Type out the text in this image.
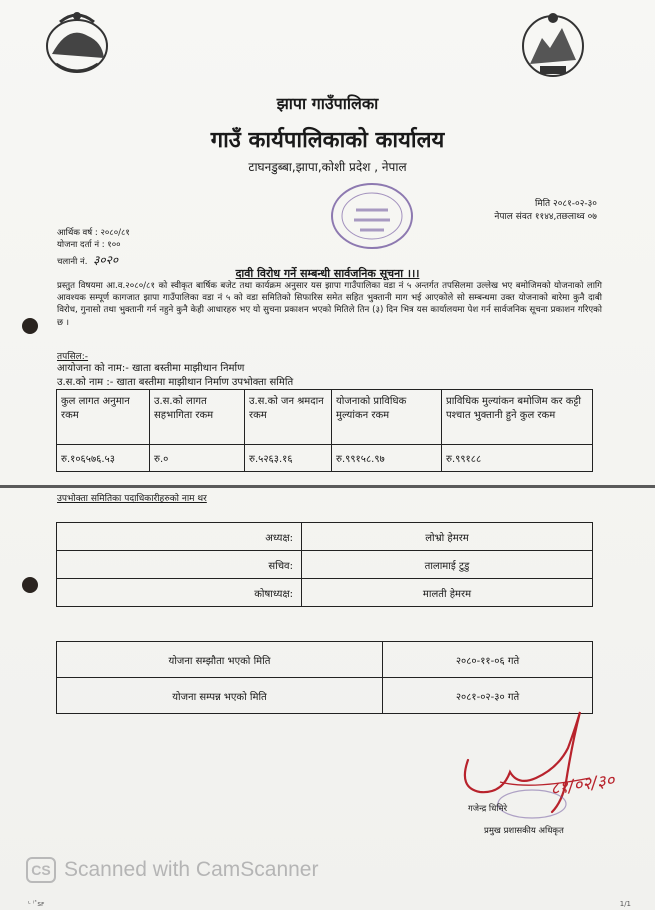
झापा गाउँपालिका
गाउँ कार्यपालिकाको कार्यालय
टाघनडुब्बा,झापा,कोशी प्रदेश , नेपाल
मिति २०८१-०२-३०
नेपाल संवत ११४४,तछलाथ्व ०७
आर्थिक वर्ष : २०८०/८१
योजना दर्ता नं : १००
चलानी नं. ३०२०
दावी विरोध गर्ने सम्बन्धी सार्वजनिक सूचना ।।।
प्रस्तुत विषयमा आ.व.२०८०/८१ को स्वीकृत बार्षिक बजेट तथा कार्यक्रम अनुसार यस झापा गाउँपालिका वडा नं ५ अन्तर्गत तपसिलमा उल्लेख भए बमोजिमको योजनाको लागि आवश्यक सम्पूर्ण कागजात झापा गाउँपालिका वडा नं ५ को वडा समितिको सिफारिस समेत सहित भुक्तानी माग भई आएकोले सो सम्बन्धमा उक्त योजनाको बारेमा कुनै दाबी विरोध, गुनासो तथा भुक्तानी गर्न नहुने कुनै केही आधारहरु भए यो सुचना प्रकाशन भएको मितिले तिन (३) दिन भित्र यस कार्यालयमा पेश गर्न सार्वजनिक सूचना प्रकाशन गरिएको छ ।
तपसिल:-
आयोजना को नाम:- खाता बस्तीमा माझीथान निर्माण
उ.स.को नाम :- खाता बस्तीमा माझीथान निर्माण उपभोक्ता समिति
कुल लागत अनुमान रकम	उ.स.को लागत सहभागिता रकम	उ.स.को जन श्रमदान रकम	योजनाको प्राविधिक मुल्यांकन रकम	प्राविधिक मुल्यांकन बमोजिम कर कट्टी पश्चात भुक्तानी हुने कुल रकम
रु.१०६५७६.५३	रु.०	रु.५२६३.१६	रु.९९१५८.९७	रु.९९१८८
उपभोक्ता समितिका पदाधिकारीहरुको नाम थर
अध्यक्ष:	लोभ्रो हेमरम
सचिव:	तालामाई टुडु
कोषाध्यक्ष:	मालती हेमरम
योजना सम्झौता भएको मिति	२०८०-११-०६ गते
योजना सम्पन्न भएको मिति	२०८१-०२-३० गते
८१/०२/३०
गजेन्द्र धिमिरे
प्रमुख प्रशासकीय अधिकृत
CS Scanned with CamScanner
ᴸ ˡ˟ꜱꜰ	1/1
